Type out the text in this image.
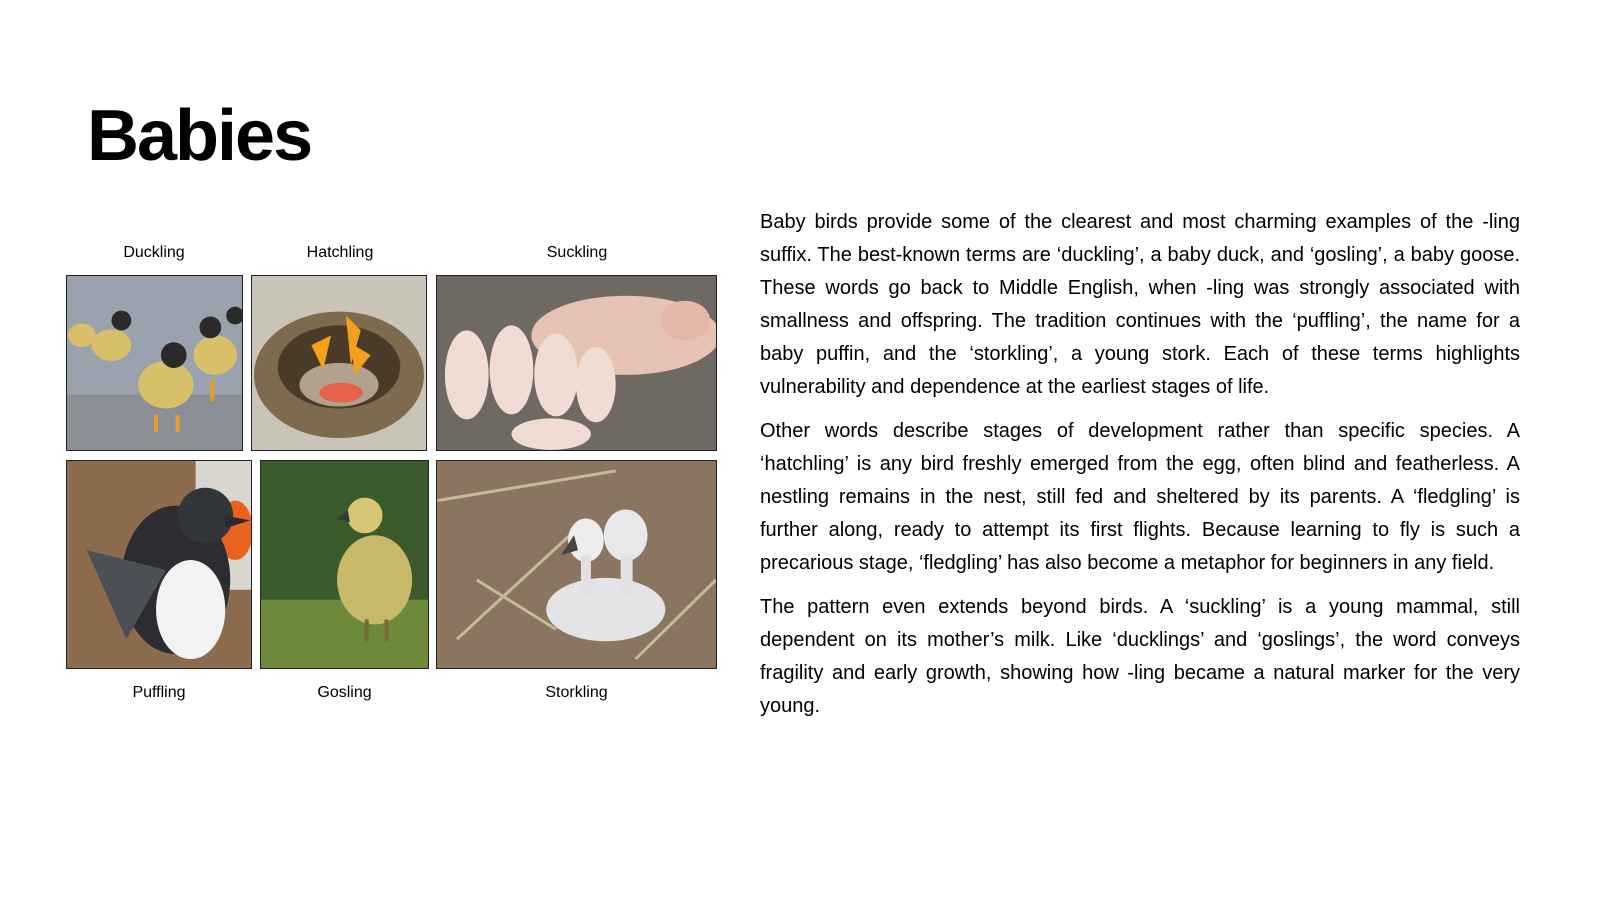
Babies
Duckling	Hatchling	Suckling
Puffling	Gosling	Storkling

Baby birds provide some of the clearest and most charming examples of the -ling suffix. The best-known terms are ‘duckling’, a baby duck, and ‘gosling’, a baby goose. These words go back to Middle English, when -ling was strongly associated with smallness and offspring. The tradition continues with the ‘puffling’, the name for a baby puffin, and the ‘storkling’, a young stork. Each of these terms highlights vulnerability and dependence at the earliest stages of life.

Other words describe stages of development rather than specific species. A ‘hatchling’ is any bird freshly emerged from the egg, often blind and featherless. A nestling remains in the nest, still fed and sheltered by its parents. A ‘fledgling’ is further along, ready to attempt its first flights. Because learning to fly is such a precarious stage, ‘fledgling’ has also become a metaphor for beginners in any field.

The pattern even extends beyond birds. A ‘suckling’ is a young mammal, still dependent on its mother’s milk. Like ‘ducklings’ and ‘goslings’, the word conveys fragility and early growth, showing how -ling became a natural marker for the very young.
